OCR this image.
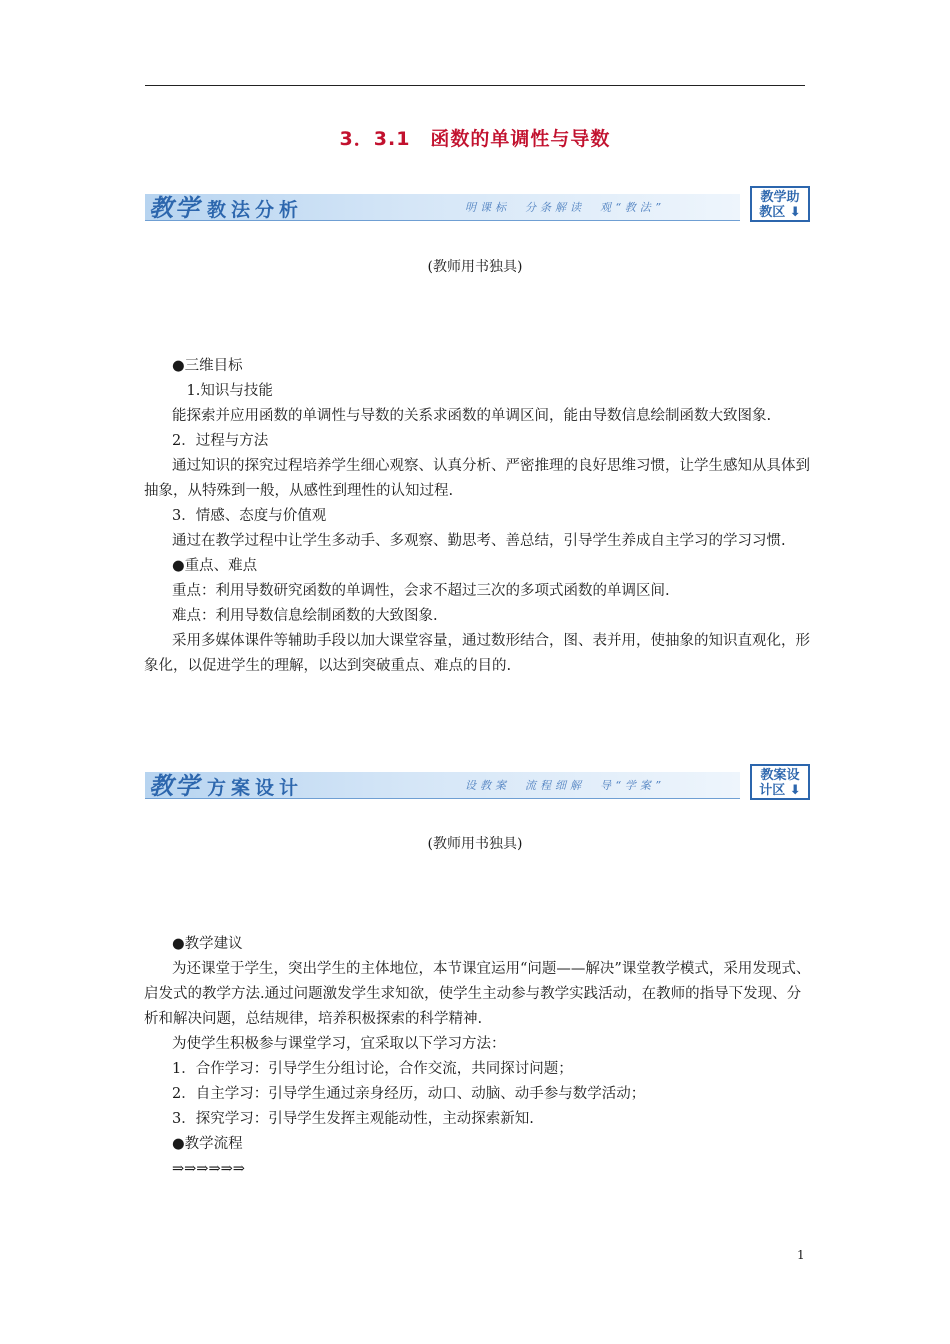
3．3.1　函数的单调性与导数
教学 教法分析	明课标　分条解读　观“教法”
教学助
教区 ⬇
(教师用书独具)

● 三维目标

1.知识与技能

能探索并应用函数的单调性与导数的关系求函数的单调区间，能由导数信息绘制函数大致图象.

2．过程与方法

通过知识的探究过程培养学生细心观察、认真分析、严密推理的良好思维习惯，让学生感知从具体到抽象，从特殊到一般，从感性到理性的认知过程.

3．情感、态度与价值观

通过在教学过程中让学生多动手、多观察、勤思考、善总结，引导学生养成自主学习的学习习惯.

● 重点、难点

重点：利用导数研究函数的单调性，会求不超过三次的多项式函数的单调区间.

难点：利用导数信息绘制函数的大致图象.

采用多媒体课件等辅助手段以加大课堂容量，通过数形结合，图、表并用，使抽象的知识直观化，形象化，以促进学生的理解，以达到突破重点、难点的目的.

教学 方案设计	设教案　流程细解　导“学案”
教案设
计区 ⬇
(教师用书独具)

● 教学建议

为还课堂于学生，突出学生的主体地位，本节课宜运用“问题——解决”课堂教学模式，采用发现式、启发式的教学方法.通过问题激发学生求知欲，使学生主动参与教学实践活动，在教师的指导下发现、分析和解决问题，总结规律，培养积极探索的科学精神.

为使学生积极参与课堂学习，宜采取以下学习方法：

1．合作学习：引导学生分组讨论，合作交流，共同探讨问题；

2．自主学习：引导学生通过亲身经历，动口、动脑、动手参与数学活动；

3．探究学习：引导学生发挥主观能动性，主动探索新知.

● 教学流程

⇒⇒⇒⇒⇒⇒

1
